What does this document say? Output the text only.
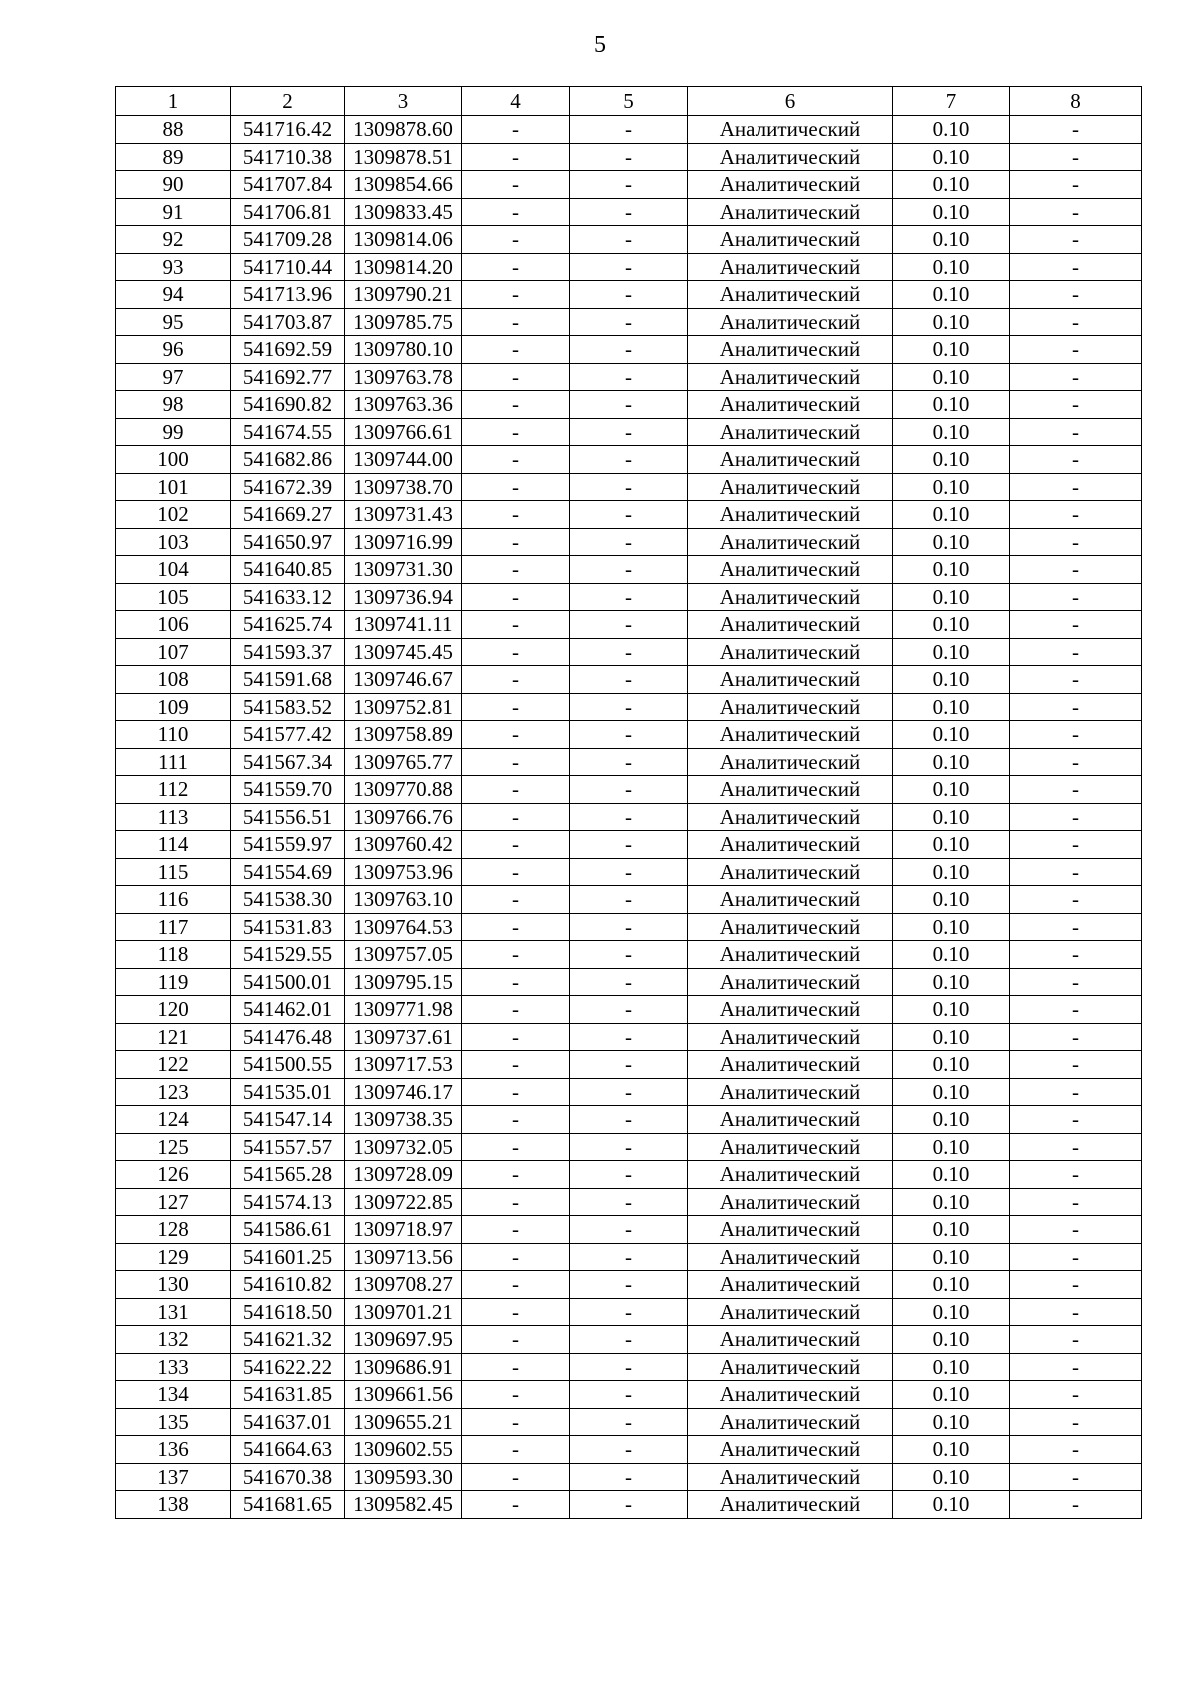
5
1	2	3	4	5	6	7	8
88	541716.42	1309878.60	-	-	Аналитический	0.10	-
89	541710.38	1309878.51	-	-	Аналитический	0.10	-
90	541707.84	1309854.66	-	-	Аналитический	0.10	-
91	541706.81	1309833.45	-	-	Аналитический	0.10	-
92	541709.28	1309814.06	-	-	Аналитический	0.10	-
93	541710.44	1309814.20	-	-	Аналитический	0.10	-
94	541713.96	1309790.21	-	-	Аналитический	0.10	-
95	541703.87	1309785.75	-	-	Аналитический	0.10	-
96	541692.59	1309780.10	-	-	Аналитический	0.10	-
97	541692.77	1309763.78	-	-	Аналитический	0.10	-
98	541690.82	1309763.36	-	-	Аналитический	0.10	-
99	541674.55	1309766.61	-	-	Аналитический	0.10	-
100	541682.86	1309744.00	-	-	Аналитический	0.10	-
101	541672.39	1309738.70	-	-	Аналитический	0.10	-
102	541669.27	1309731.43	-	-	Аналитический	0.10	-
103	541650.97	1309716.99	-	-	Аналитический	0.10	-
104	541640.85	1309731.30	-	-	Аналитический	0.10	-
105	541633.12	1309736.94	-	-	Аналитический	0.10	-
106	541625.74	1309741.11	-	-	Аналитический	0.10	-
107	541593.37	1309745.45	-	-	Аналитический	0.10	-
108	541591.68	1309746.67	-	-	Аналитический	0.10	-
109	541583.52	1309752.81	-	-	Аналитический	0.10	-
110	541577.42	1309758.89	-	-	Аналитический	0.10	-
111	541567.34	1309765.77	-	-	Аналитический	0.10	-
112	541559.70	1309770.88	-	-	Аналитический	0.10	-
113	541556.51	1309766.76	-	-	Аналитический	0.10	-
114	541559.97	1309760.42	-	-	Аналитический	0.10	-
115	541554.69	1309753.96	-	-	Аналитический	0.10	-
116	541538.30	1309763.10	-	-	Аналитический	0.10	-
117	541531.83	1309764.53	-	-	Аналитический	0.10	-
118	541529.55	1309757.05	-	-	Аналитический	0.10	-
119	541500.01	1309795.15	-	-	Аналитический	0.10	-
120	541462.01	1309771.98	-	-	Аналитический	0.10	-
121	541476.48	1309737.61	-	-	Аналитический	0.10	-
122	541500.55	1309717.53	-	-	Аналитический	0.10	-
123	541535.01	1309746.17	-	-	Аналитический	0.10	-
124	541547.14	1309738.35	-	-	Аналитический	0.10	-
125	541557.57	1309732.05	-	-	Аналитический	0.10	-
126	541565.28	1309728.09	-	-	Аналитический	0.10	-
127	541574.13	1309722.85	-	-	Аналитический	0.10	-
128	541586.61	1309718.97	-	-	Аналитический	0.10	-
129	541601.25	1309713.56	-	-	Аналитический	0.10	-
130	541610.82	1309708.27	-	-	Аналитический	0.10	-
131	541618.50	1309701.21	-	-	Аналитический	0.10	-
132	541621.32	1309697.95	-	-	Аналитический	0.10	-
133	541622.22	1309686.91	-	-	Аналитический	0.10	-
134	541631.85	1309661.56	-	-	Аналитический	0.10	-
135	541637.01	1309655.21	-	-	Аналитический	0.10	-
136	541664.63	1309602.55	-	-	Аналитический	0.10	-
137	541670.38	1309593.30	-	-	Аналитический	0.10	-
138	541681.65	1309582.45	-	-	Аналитический	0.10	-
